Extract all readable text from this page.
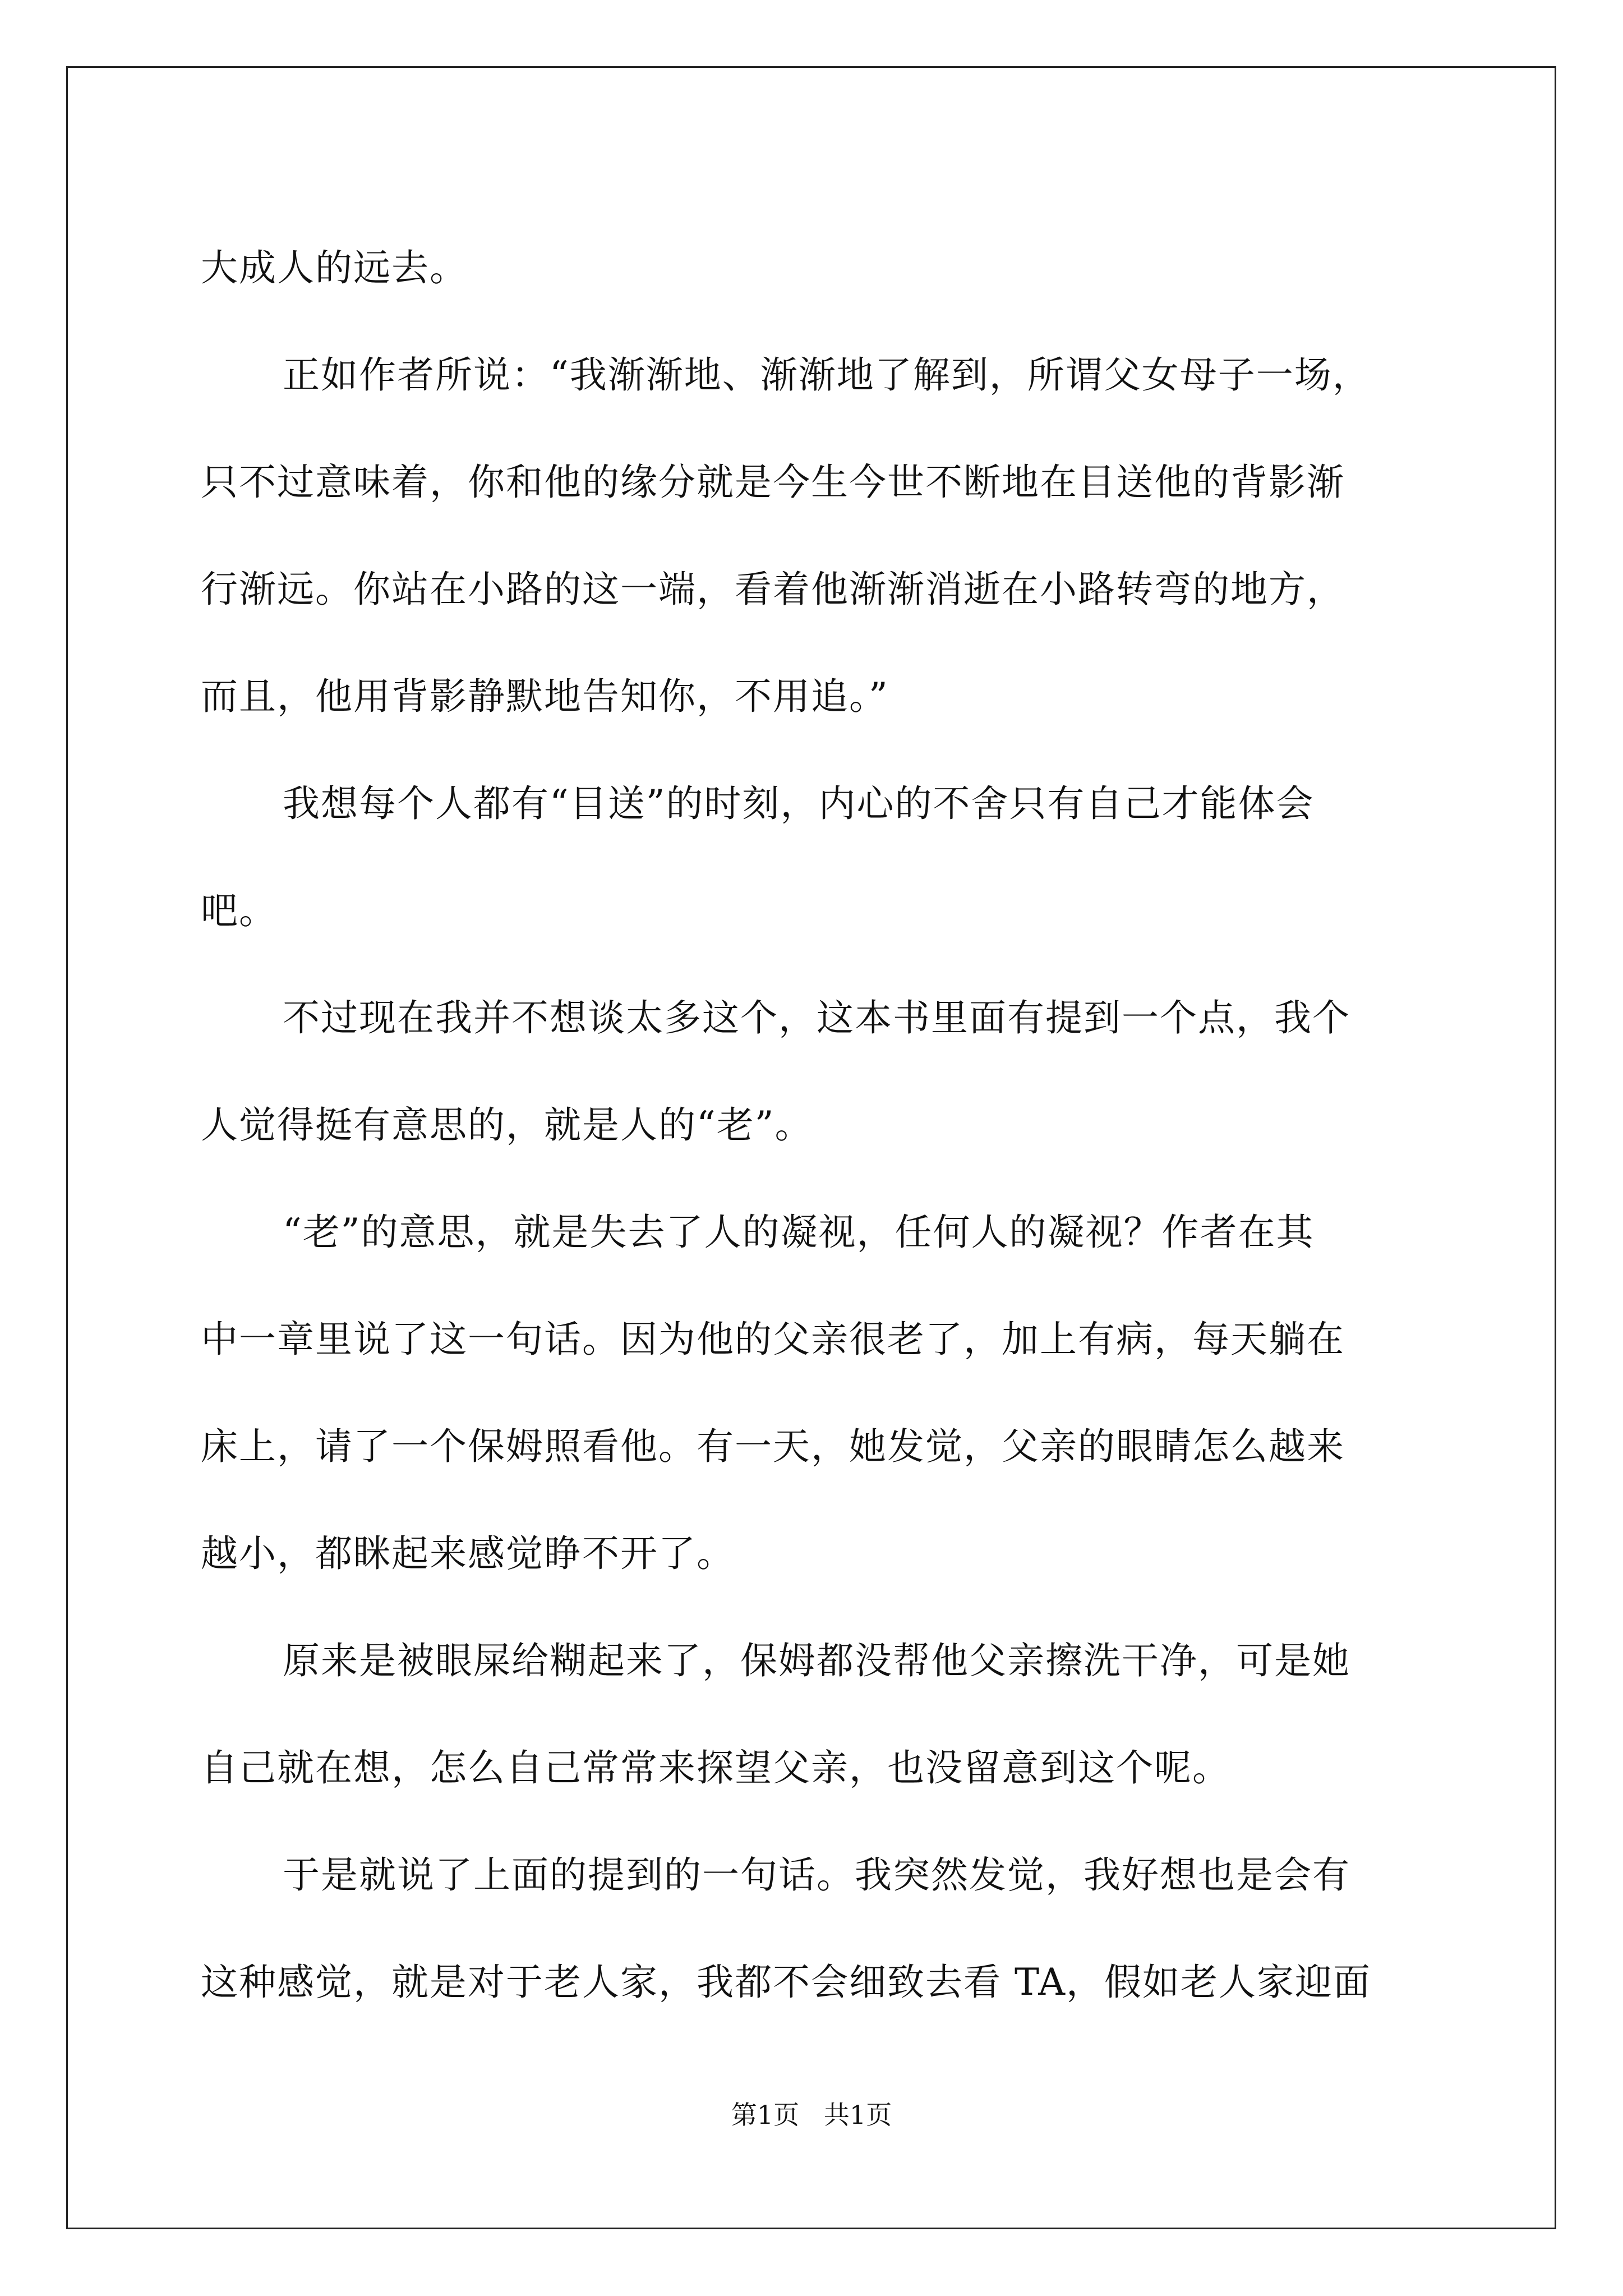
大成人的远去。
正如作者所说：“我渐渐地、渐渐地了解到，所谓父女母子一场，
只不过意味着，你和他的缘分就是今生今世不断地在目送他的背影渐
行渐远。你站在小路的这一端，看着他渐渐消逝在小路转弯的地方，
而且，他用背影静默地告知你，不用追。”
我想每个人都有“目送”的时刻，内心的不舍只有自己才能体会
吧。
不过现在我并不想谈太多这个，这本书里面有提到一个点，我个
人觉得挺有意思的，就是人的“老”。
“老”的意思，就是失去了人的凝视，任何人的凝视？作者在其
中一章里说了这一句话。因为他的父亲很老了，加上有病，每天躺在
床上，请了一个保姆照看他。有一天，她发觉，父亲的眼睛怎么越来
越小，都眯起来感觉睁不开了。
原来是被眼屎给糊起来了，保姆都没帮他父亲擦洗干净，可是她
自己就在想，怎么自己常常来探望父亲，也没留意到这个呢。
于是就说了上面的提到的一句话。我突然发觉，我好想也是会有
这种感觉，就是对于老人家，我都不会细致去看 TA，假如老人家迎面
第1页   共1页
